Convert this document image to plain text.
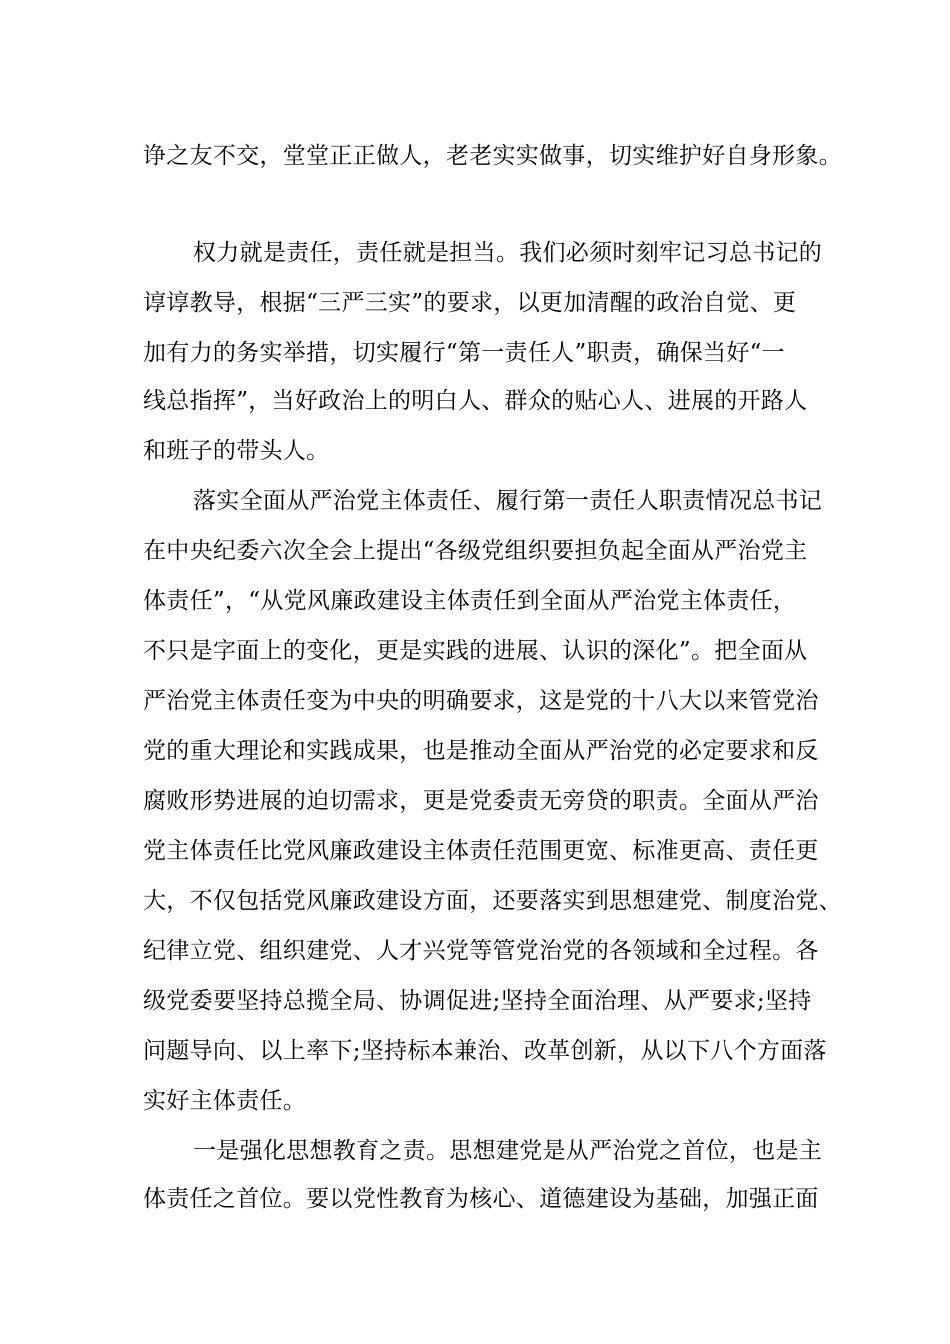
诤之友不交，堂堂正正做人，老老实实做事，切实维护好自身形象。
权力就是责任，责任就是担当。我们必须时刻牢记习总书记的
谆谆教导，根据“三严三实”的要求，以更加清醒的政治自觉、更
加有力的务实举措，切实履行“第一责任人”职责，确保当好“一
线总指挥”，当好政治上的明白人、群众的贴心人、进展的开路人
和班子的带头人。
落实全面从严治党主体责任、履行第一责任人职责情况总书记
在中央纪委六次全会上提出“各级党组织要担负起全面从严治党主
体责任”，“从党风廉政建设主体责任到全面从严治党主体责任，
不只是字面上的变化，更是实践的进展、认识的深化”。把全面从
严治党主体责任变为中央的明确要求，这是党的十八大以来管党治
党的重大理论和实践成果，也是推动全面从严治党的必定要求和反
腐败形势进展的迫切需求，更是党委责无旁贷的职责。全面从严治
党主体责任比党风廉政建设主体责任范围更宽、标准更高、责任更
大，不仅包括党风廉政建设方面，还要落实到思想建党、制度治党、
纪律立党、组织建党、人才兴党等管党治党的各领域和全过程。各
级党委要坚持总揽全局、协调促进;坚持全面治理、从严要求;坚持
问题导向、以上率下;坚持标本兼治、改革创新，从以下八个方面落
实好主体责任。
一是强化思想教育之责。思想建党是从严治党之首位，也是主
体责任之首位。要以党性教育为核心、道德建设为基础，加强正面
